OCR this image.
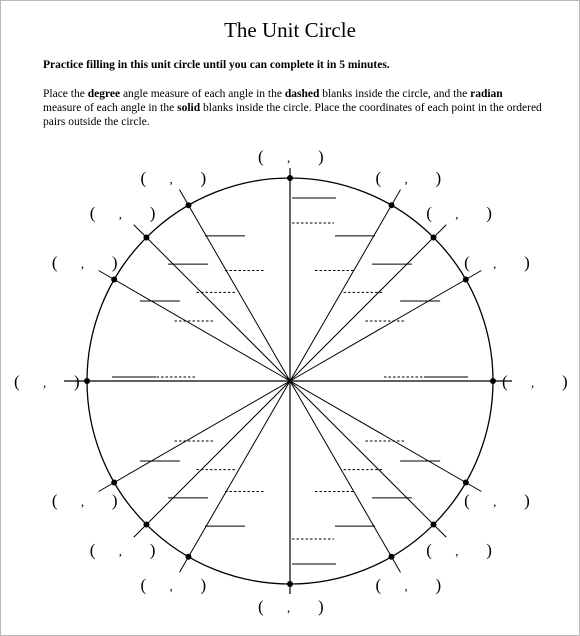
The Unit Circle
Practice filling in this unit circle until you can complete it in 5 minutes.
Place the degree angle measure of each angle in the dashed blanks inside the circle, and the radian measure of each angle in the solid blanks inside the circle. Place the coordinates of each point in the ordered pairs outside the circle.
( , )
( , )
( , )
( , )
( , )
( , )
( , )
( , )
( , )
( , )
( , )
( , )
( , )
( , )
( , )
( , )
